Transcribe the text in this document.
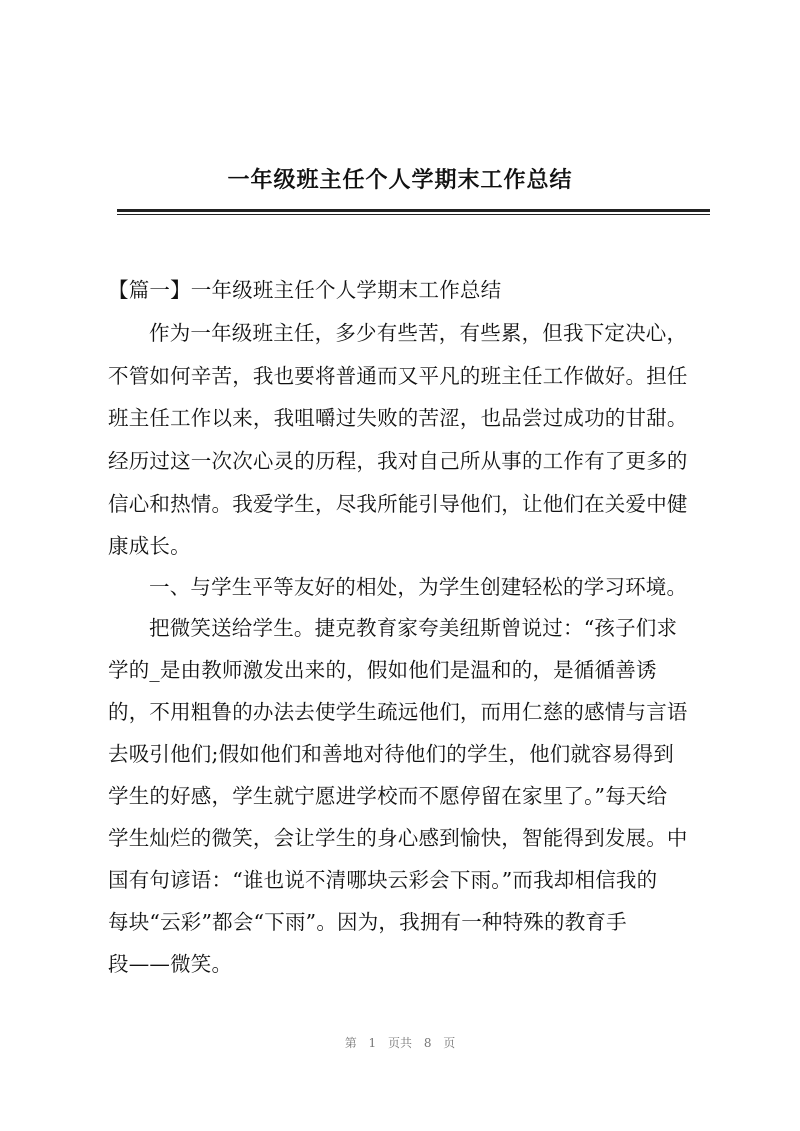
一年级班主任个人学期末工作总结
【篇一】一年级班主任个人学期末工作总结
作为一年级班主任，多少有些苦，有些累，但我下定决心，
不管如何辛苦，我也要将普通而又平凡的班主任工作做好。担任
班主任工作以来，我咀嚼过失败的苦涩，也品尝过成功的甘甜。
经历过这一次次心灵的历程，我对自己所从事的工作有了更多的
信心和热情。我爱学生，尽我所能引导他们，让他们在关爱中健
康成长。
一、与学生平等友好的相处，为学生创建轻松的学习环境。
把微笑送给学生。捷克教育家夸美纽斯曾说过：“孩子们求
学的_是由教师激发出来的，假如他们是温和的，是循循善诱
的，不用粗鲁的办法去使学生疏远他们，而用仁慈的感情与言语
去吸引他们;假如他们和善地对待他们的学生，他们就容易得到
学生的好感，学生就宁愿进学校而不愿停留在家里了。”每天给
学生灿烂的微笑，会让学生的身心感到愉快，智能得到发展。中
国有句谚语：“谁也说不清哪块云彩会下雨。”而我却相信我的
每块“云彩”都会“下雨”。因为，我拥有一种特殊的教育手
段——微笑。
第 1 页共 8 页
